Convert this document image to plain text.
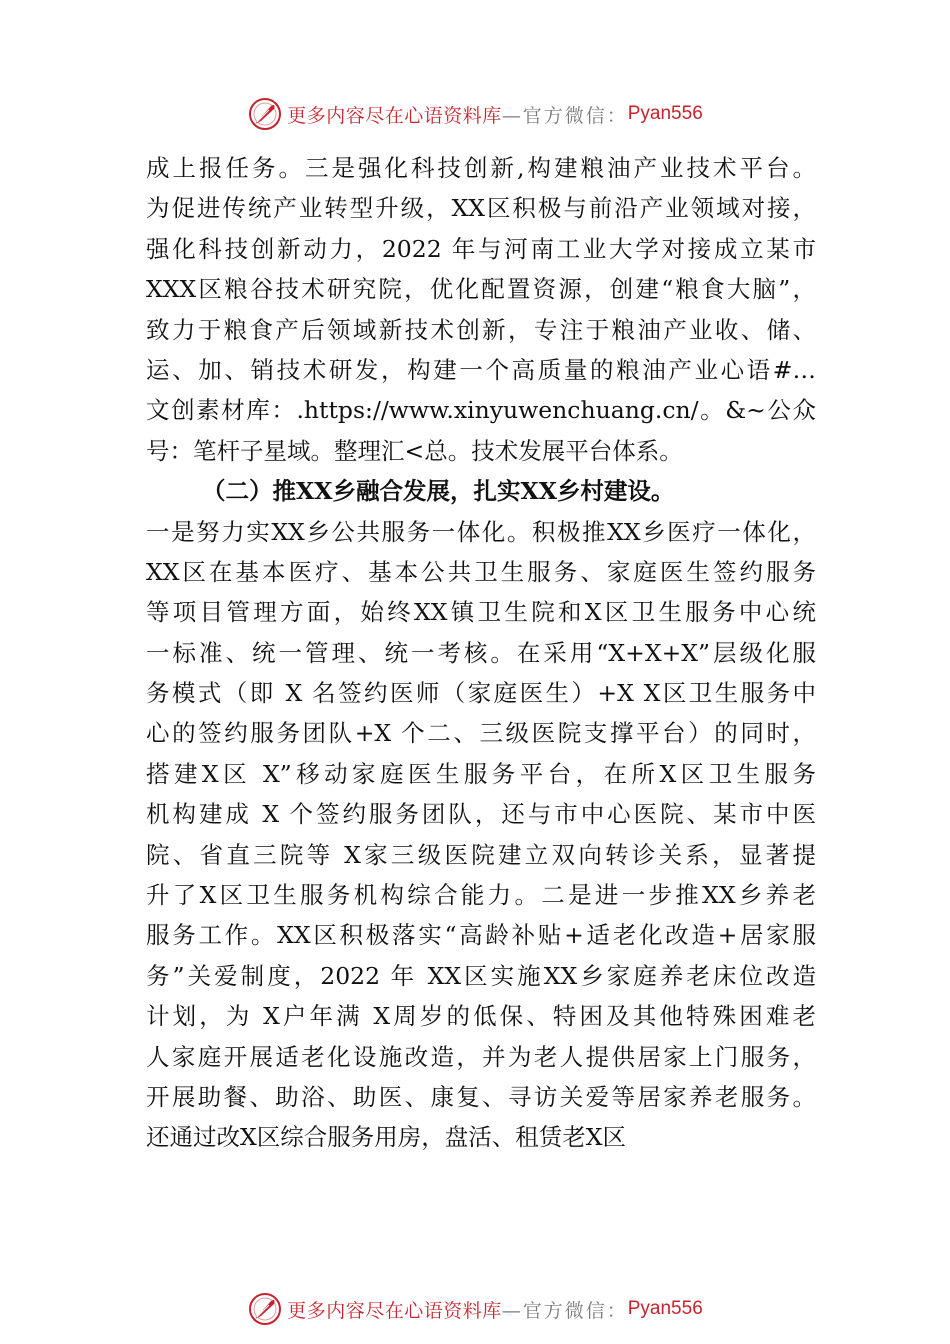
更多内容尽在心语资料库 —官方微信： Pyan556
成上报任务。三是强化科技创新,构建粮油产业技术平台。
为促进传统产业转型升级，XX区积极与前沿产业领域对接，
强化科技创新动力，2022 年与河南工业大学对接成立某市
XXX区粮谷技术研究院，优化配置资源，创建“粮食大脑”，
致力于粮食产后领域新技术创新，专注于粮油产业收、储、
运、加、销技术研发，构建一个高质量的粮油产业心语#…
文创素材库：.https://www.xinyuwenchuang.cn/。&~公众
号：笔杆子星域。整理汇<总。技术发展平台体系。
（二）推XX乡融合发展，扎实XX乡村建设。
一是努力实XX乡公共服务一体化。积极推XX乡医疗一体化，
XX区在基本医疗、基本公共卫生服务、家庭医生签约服务
等项目管理方面，始终XX镇卫生院和X区卫生服务中心统
一标准、统一管理、统一考核。在采用“X+X+X”层级化服
务模式（即 X 名签约医师（家庭医生）+X X区卫生服务中
心的签约服务团队+X 个二、三级医院支撑平台）的同时，
搭建X区 X”移动家庭医生服务平台，在所X区卫生服务
机构建成 X 个签约服务团队，还与市中心医院、某市中医
院、省直三院等 X家三级医院建立双向转诊关系，显著提
升了X区卫生服务机构综合能力。二是进一步推XX乡养老
服务工作。XX区积极落实“高龄补贴+适老化改造+居家服
务”关爱制度，2022 年 XX区实施XX乡家庭养老床位改造
计划，为 X户年满 X周岁的低保、特困及其他特殊困难老
人家庭开展适老化设施改造，并为老人提供居家上门服务，
开展助餐、助浴、助医、康复、寻访关爱等居家养老服务。
还通过改X区综合服务用房，盘活、租赁老X区
更多内容尽在心语资料库 —官方微信： Pyan556
